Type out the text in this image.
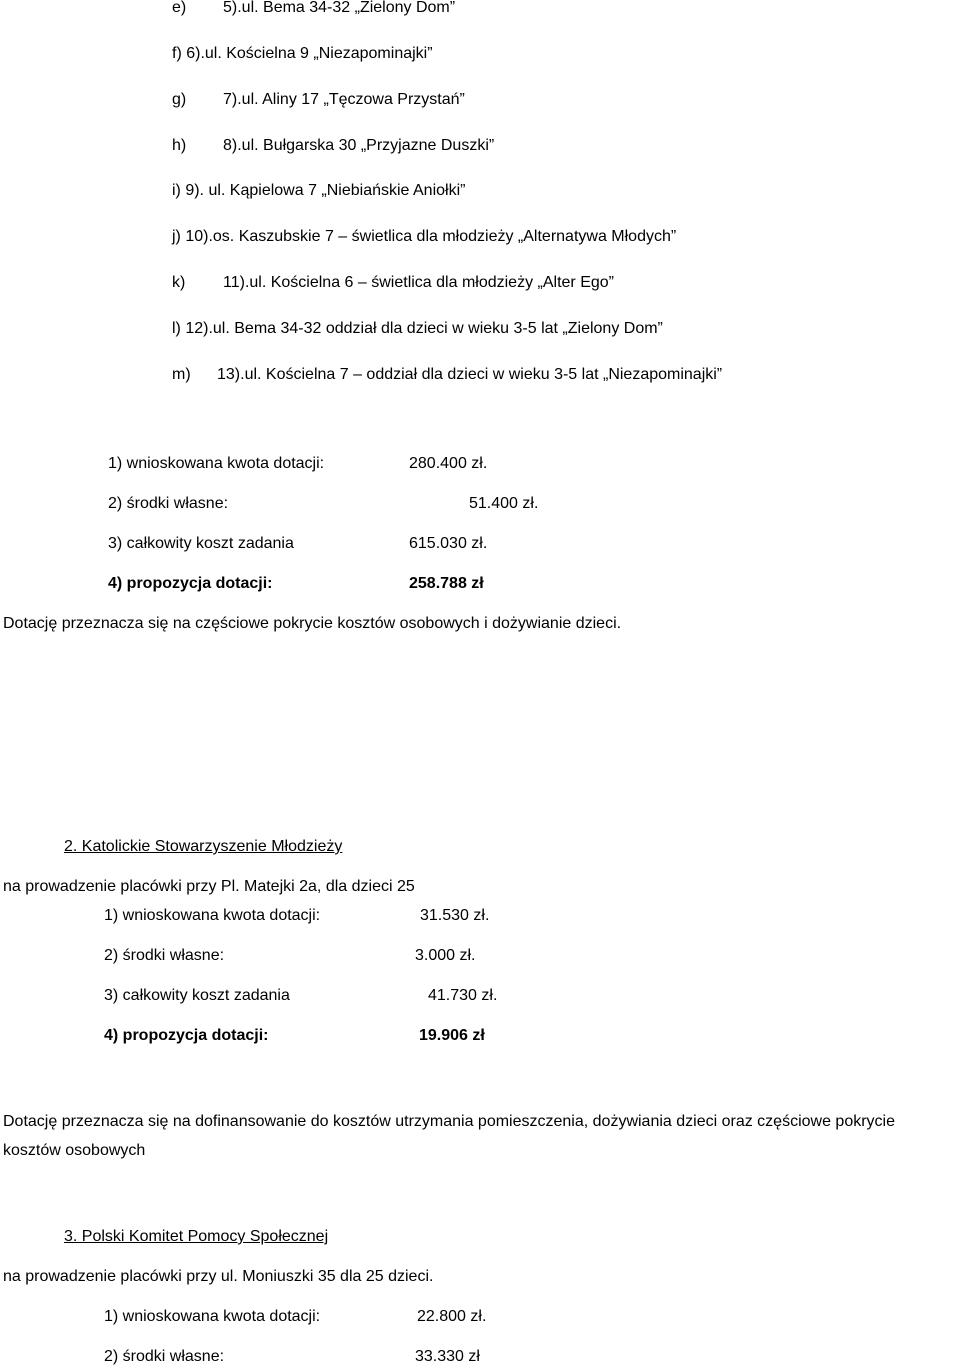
e) 5).ul. Bema 34-32 „Zielony Dom”
f) 6).ul. Kościelna 9 „Niezapominajki”
g) 7).ul. Aliny 17 „Tęczowa Przystań”
h) 8).ul. Bułgarska 30 „Przyjazne Duszki”
i) 9). ul. Kąpielowa 7 „Niebiańskie Aniołki”
j) 10).os. Kaszubskie 7 – świetlica dla młodzieży „Alternatywa Młodych”
k) 11).ul. Kościelna 6 – świetlica dla młodzieży „Alter Ego”
l) 12).ul. Bema 34-32 oddział dla dzieci w wieku 3-5 lat „Zielony Dom”
m) 13).ul. Kościelna 7 – oddział dla dzieci w wieku 3-5 lat „Niezapominajki”
1) wnioskowana kwota dotacji:	280.400 zł.
2) środki własne:	51.400 zł.
3) całkowity koszt zadania	615.030 zł.
4) propozycja dotacji:	258.788 zł
Dotację przeznacza się na częściowe pokrycie kosztów osobowych i dożywianie dzieci.
2. Katolickie Stowarzyszenie Młodzieży
na prowadzenie placówki przy Pl. Matejki 2a, dla dzieci 25
1) wnioskowana kwota dotacji:	31.530 zł.
2) środki własne:	3.000 zł.
3) całkowity koszt zadania	41.730 zł.
4) propozycja dotacji:	19.906 zł
Dotację przeznacza się na dofinansowanie do kosztów utrzymania pomieszczenia, dożywiania dzieci oraz częściowe pokrycie
kosztów osobowych
3. Polski Komitet Pomocy Społecznej
na prowadzenie placówki przy ul. Moniuszki 35 dla 25 dzieci.
1) wnioskowana kwota dotacji:	22.800 zł.
2) środki własne:	33.330 zł
